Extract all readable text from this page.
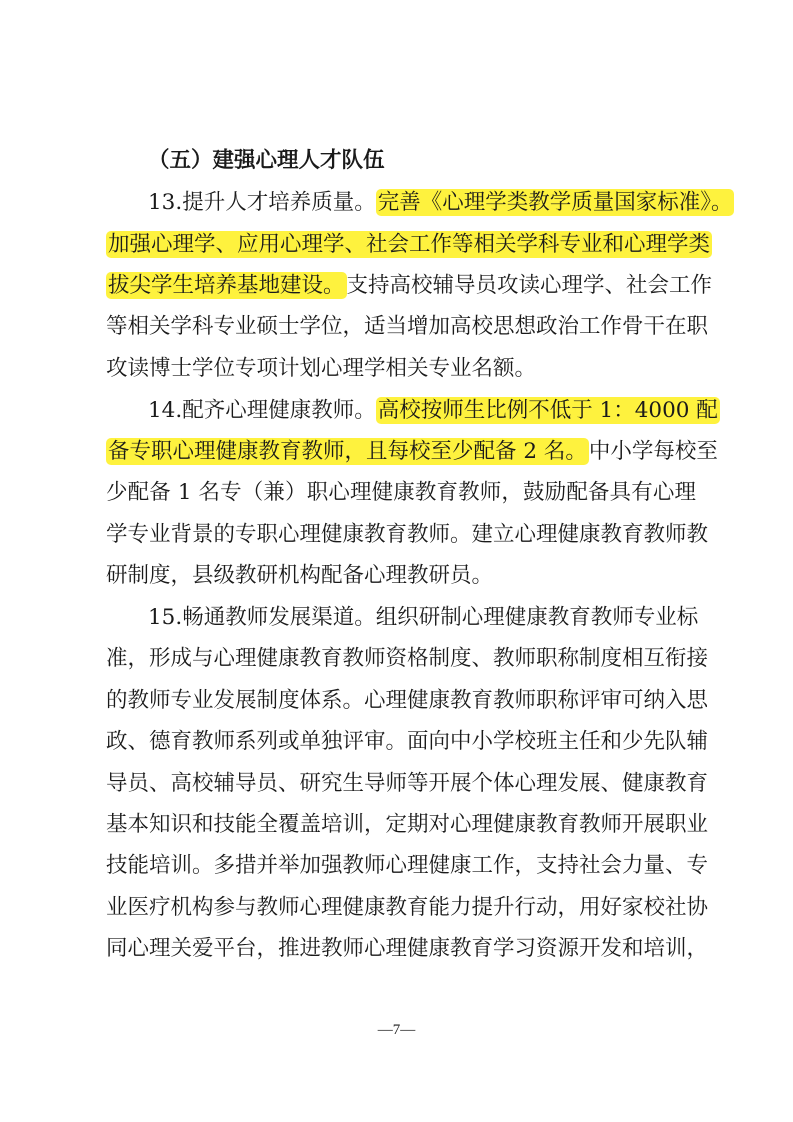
（五）建强心理人才队伍
13.提升人才培养质量。完善《心理学类教学质量国家标准》。
加强心理学、应用心理学、社会工作等相关学科专业和心理学类
拔尖学生培养基地建设。支持高校辅导员攻读心理学、社会工作
等相关学科专业硕士学位，适当增加高校思想政治工作骨干在职
攻读博士学位专项计划心理学相关专业名额。
14.配齐心理健康教师。高校按师生比例不低于 1：4000 配
备专职心理健康教育教师，且每校至少配备 2 名。中小学每校至
少配备 1 名专（兼）职心理健康教育教师，鼓励配备具有心理
学专业背景的专职心理健康教育教师。建立心理健康教育教师教
研制度，县级教研机构配备心理教研员。
15.畅通教师发展渠道。组织研制心理健康教育教师专业标
准，形成与心理健康教育教师资格制度、教师职称制度相互衔接
的教师专业发展制度体系。心理健康教育教师职称评审可纳入思
政、德育教师系列或单独评审。面向中小学校班主任和少先队辅
导员、高校辅导员、研究生导师等开展个体心理发展、健康教育
基本知识和技能全覆盖培训，定期对心理健康教育教师开展职业
技能培训。多措并举加强教师心理健康工作，支持社会力量、专
业医疗机构参与教师心理健康教育能力提升行动，用好家校社协
同心理关爱平台，推进教师心理健康教育学习资源开发和培训，
—7—
